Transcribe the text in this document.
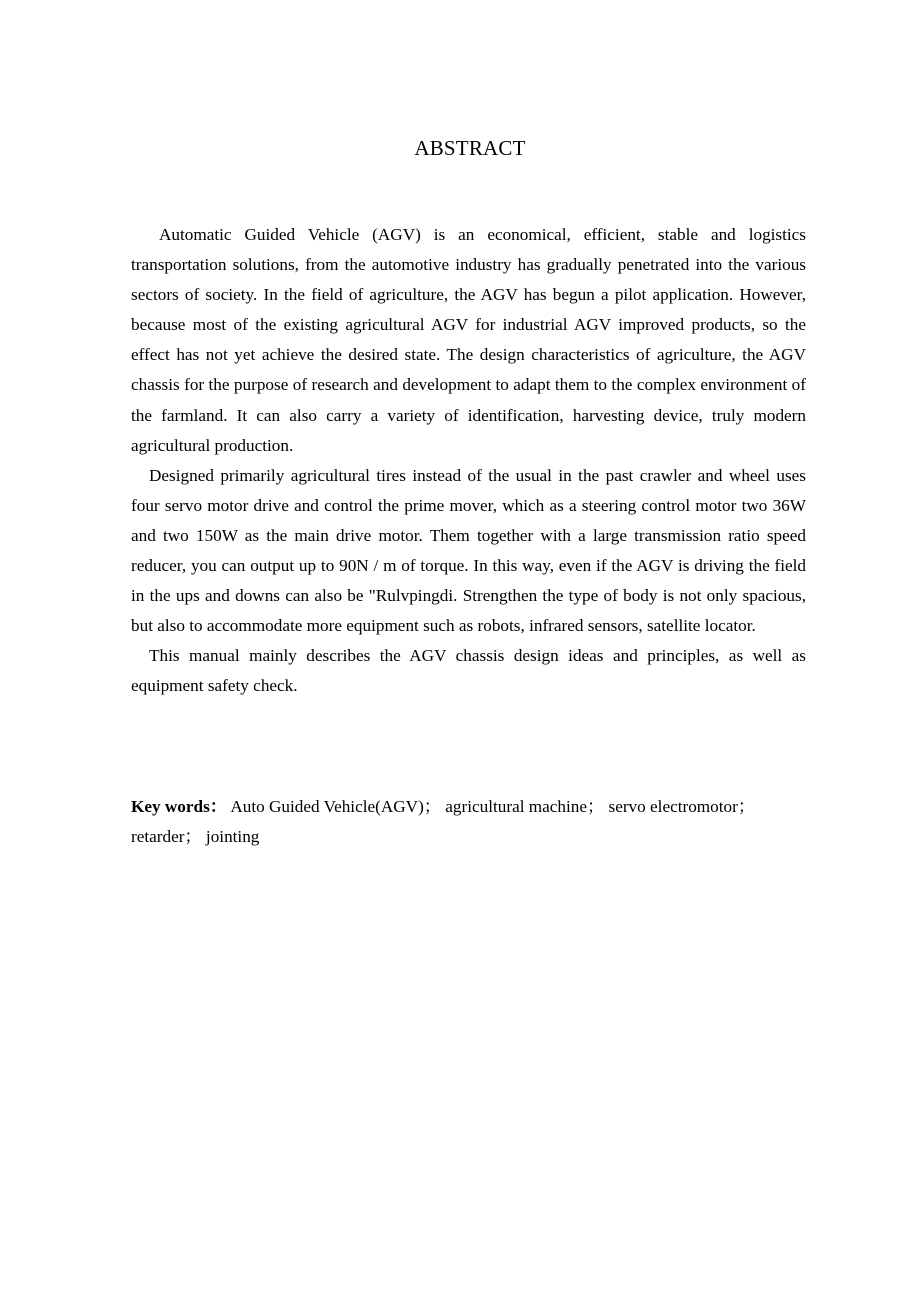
ABSTRACT

Automatic Guided Vehicle (AGV) is an economical, efficient, stable and logistics transportation solutions, from the automotive industry has gradually penetrated into the various sectors of society. In the field of agriculture, the AGV has begun a pilot application. However, because most of the existing agricultural AGV for industrial AGV improved products, so the effect has not yet achieve the desired state. The design characteristics of agriculture, the AGV chassis for the purpose of research and development to adapt them to the complex environment of the farmland. It can also carry a variety of identification, harvesting device, truly modern agricultural production.

Designed primarily agricultural tires instead of the usual in the past crawler and wheel uses four servo motor drive and control the prime mover, which as a steering control motor two 36W and two 150W as the main drive motor. Them together with a large transmission ratio speed reducer, you can output up to 90N / m of torque. In this way, even if the AGV is driving the field in the ups and downs can also be "Rulvpingdi. Strengthen the type of body is not only spacious, but also to accommodate more equipment such as robots, infrared sensors, satellite locator.

This manual mainly describes the AGV chassis design ideas and principles, as well as equipment safety check.

Key words： Auto Guided Vehicle(AGV)； agricultural machine； servo electromotor； retarder； jointing
